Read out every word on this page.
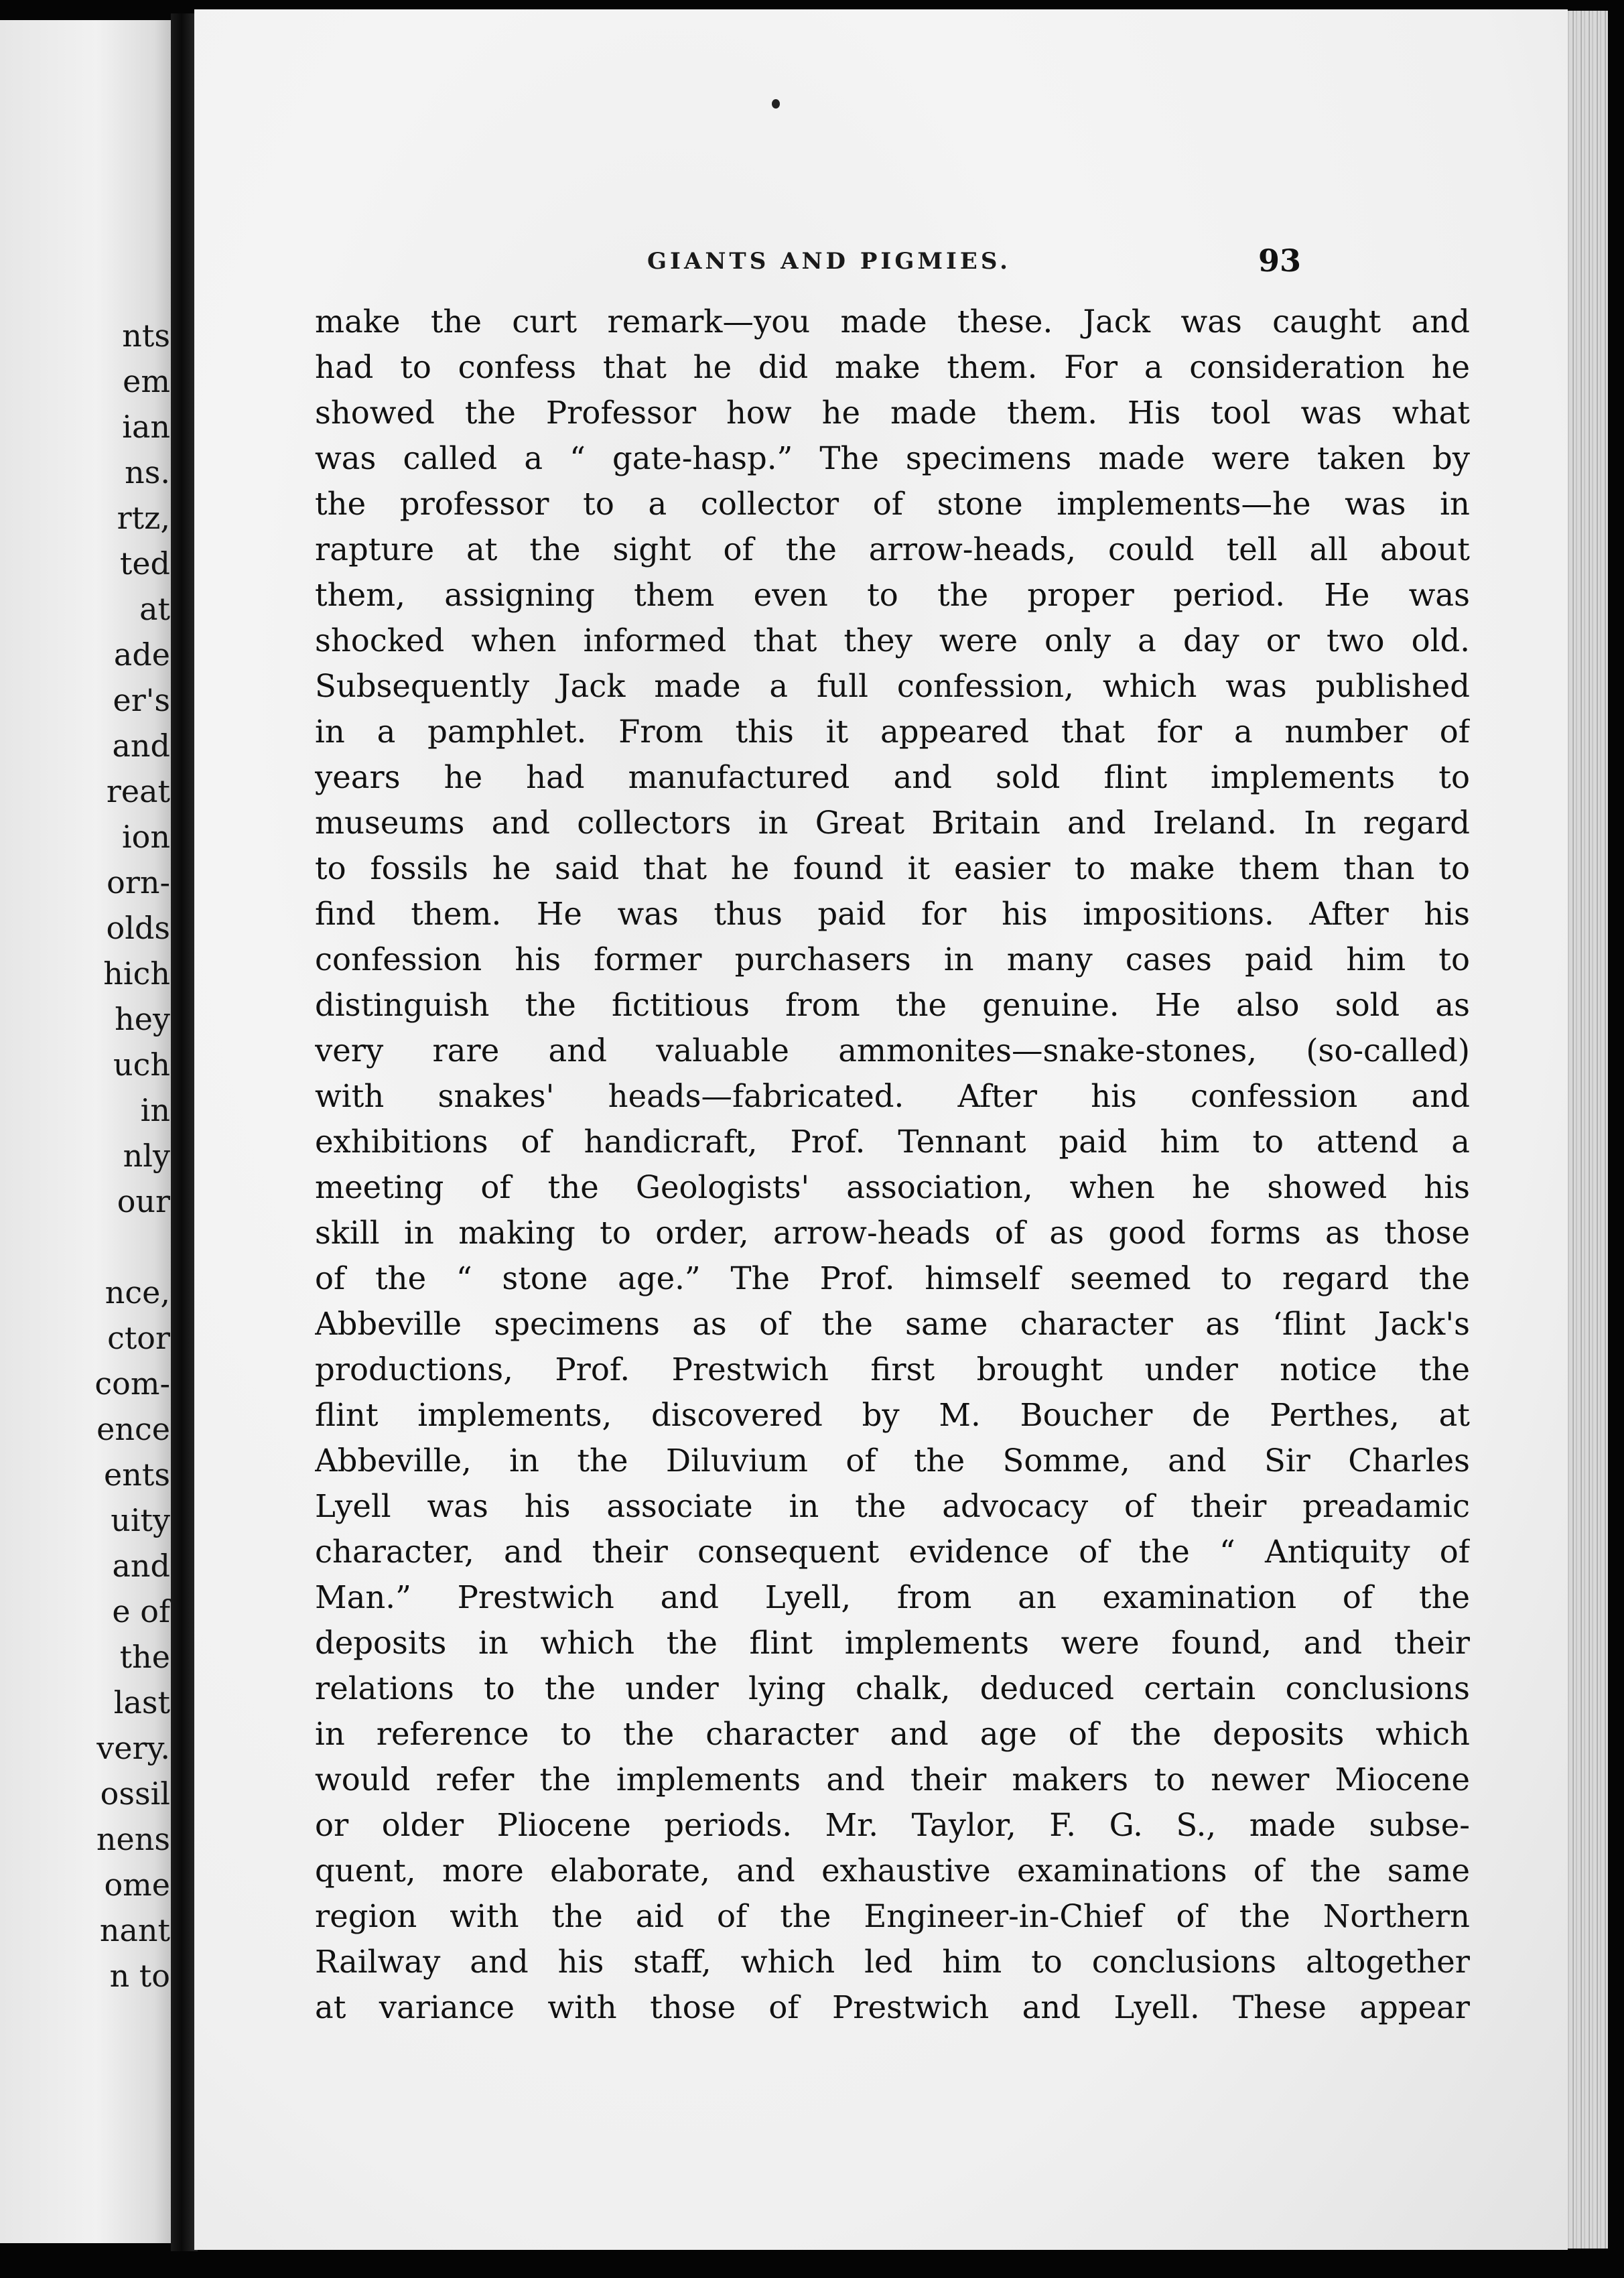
nts
em
ian
ns.
rtz,
ted
at
ade
er's
and
reat
ion
orn-
olds
hich
hey
uch
in
nly
our
nce,
ctor
com-
ence
ents
uity
and
e of
the
last
very.
ossil
nens
ome
nant
n to
GIANTS AND PIGMIES.	93
make the curt remark—you made these. Jack was caught and
had to confess that he did make them. For a consideration he
showed the Professor how he made them. His tool was what
was called a “ gate-hasp.” The specimens made were taken by
the professor to a collector of stone implements—he was in
rapture at the sight of the arrow-heads, could tell all about
them, assigning them even to the proper period. He was
shocked when informed that they were only a day or two old.
Subsequently Jack made a full confession, which was published
in a pamphlet. From this it appeared that for a number of
years he had manufactured and sold flint implements to
museums and collectors in Great Britain and Ireland. In regard
to fossils he said that he found it easier to make them than to
find them. He was thus paid for his impositions. After his
confession his former purchasers in many cases paid him to
distinguish the fictitious from the genuine. He also sold as
very rare and valuable ammonites—snake-stones, (so-called)
with snakes' heads—fabricated. After his confession and
exhibitions of handicraft, Prof. Tennant paid him to attend a
meeting of the Geologists' association, when he showed his
skill in making to order, arrow-heads of as good forms as those
of the “ stone age.” The Prof. himself seemed to regard the
Abbeville specimens as of the same character as ‘flint Jack's
productions, Prof. Prestwich first brought under notice the
flint implements, discovered by M. Boucher de Perthes, at
Abbeville, in the Diluvium of the Somme, and Sir Charles
Lyell was his associate in the advocacy of their preadamic
character, and their consequent evidence of the “ Antiquity of
Man.” Prestwich and Lyell, from an examination of the
deposits in which the flint implements were found, and their
relations to the under lying chalk, deduced certain conclusions
in reference to the character and age of the deposits which
would refer the implements and their makers to newer Miocene
or older Pliocene periods. Mr. Taylor, F. G. S., made subse-
quent, more elaborate, and exhaustive examinations of the same
region with the aid of the Engineer-in-Chief of the Northern
Railway and his staff, which led him to conclusions altogether
at variance with those of Prestwich and Lyell. These appear
